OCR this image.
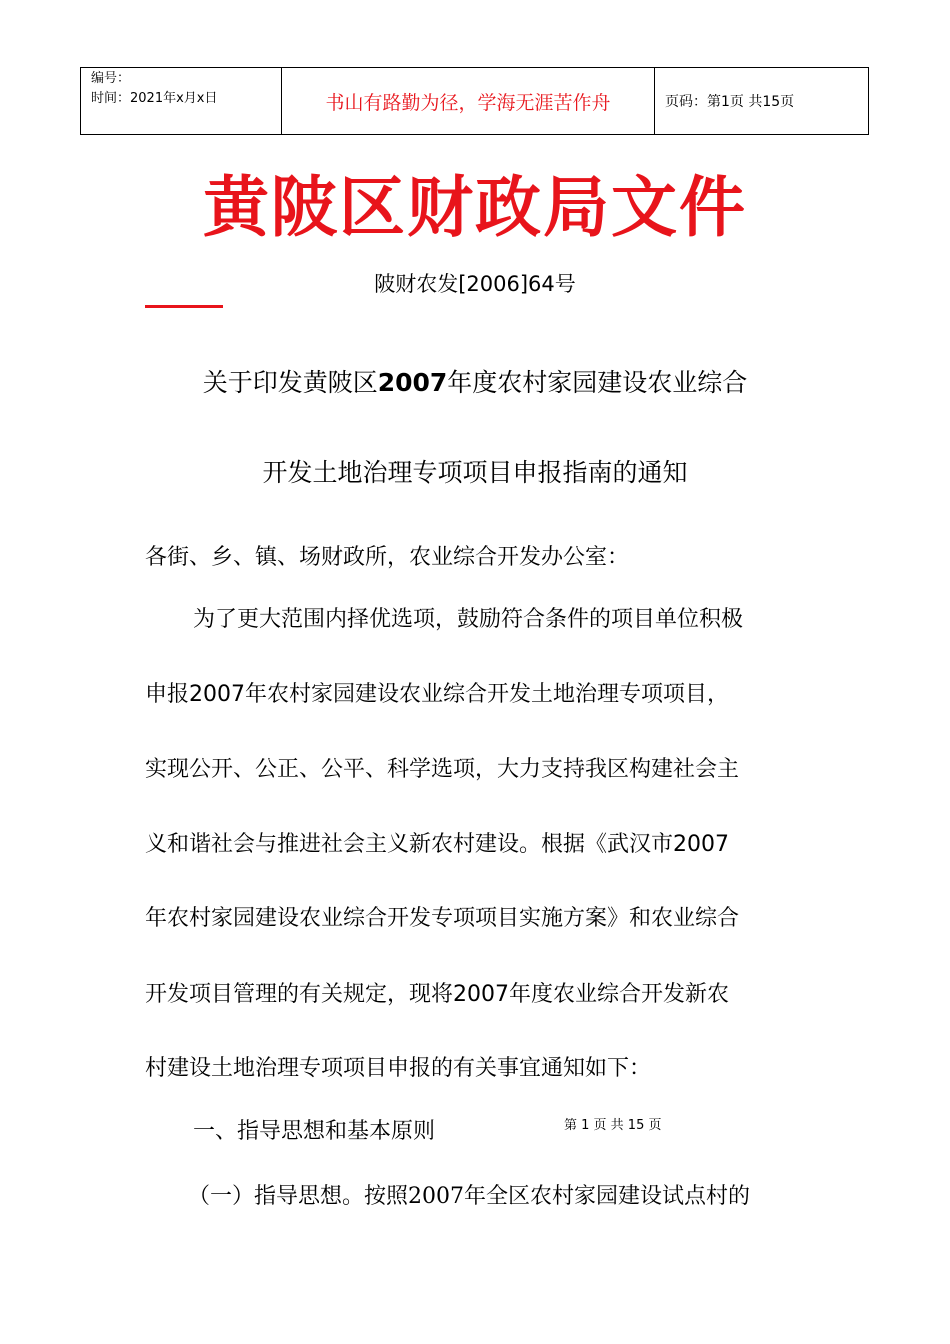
编号：
时间：2021年x月x日	书山有路勤为径，学海无涯苦作舟	页码：第1页 共15页
黄陂区财政局文件
陂财农发[2006]64号
关于印发黄陂区2007年度农村家园建设农业综合
开发土地治理专项项目申报指南的通知
各街、乡、镇、场财政所，农业综合开发办公室：
为了更大范围内择优选项，鼓励符合条件的项目单位积极
申报2007年农村家园建设农业综合开发土地治理专项项目，
实现公开、公正、公平、科学选项，大力支持我区构建社会主
义和谐社会与推进社会主义新农村建设。根据《武汉市2007
年农村家园建设农业综合开发专项项目实施方案》和农业综合
开发项目管理的有关规定，现将2007年度农业综合开发新农
村建设土地治理专项项目申报的有关事宜通知如下：
一、指导思想和基本原则	第 1 页 共 15 页
（一）指导思想。按照2007年全区农村家园建设试点村的
